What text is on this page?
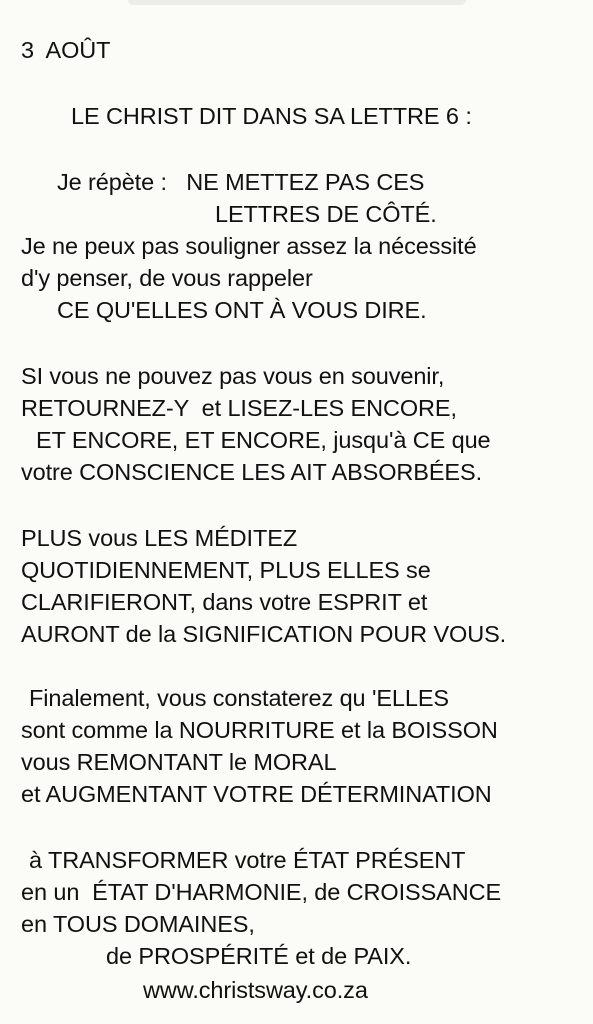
3  AOÛT
LE CHRIST DIT DANS SA LETTRE 6 :
Je répète :   NE METTEZ PAS CES
LETTRES DE CÔTÉ.
Je ne peux pas souligner assez la nécessité
d'y penser, de vous rappeler
CE QU'ELLES ONT À VOUS DIRE.
SI vous ne pouvez pas vous en souvenir,
RETOURNEZ-Y  et LISEZ-LES ENCORE,
ET ENCORE, ET ENCORE, jusqu'à CE que
votre CONSCIENCE LES AIT ABSORBÉES.
PLUS vous LES MÉDITEZ
QUOTIDIENNEMENT, PLUS ELLES se
CLARIFIERONT, dans votre ESPRIT et
AURONT de la SIGNIFICATION POUR VOUS.
Finalement, vous constaterez qu 'ELLES
sont comme la NOURRITURE et la BOISSON
vous REMONTANT le MORAL
et AUGMENTANT VOTRE DÉTERMINATION
à TRANSFORMER votre ÉTAT PRÉSENT
en un  ÉTAT D'HARMONIE, de CROISSANCE
en TOUS DOMAINES,
de PROSPÉRITÉ et de PAIX.
www.christsway.co.za
